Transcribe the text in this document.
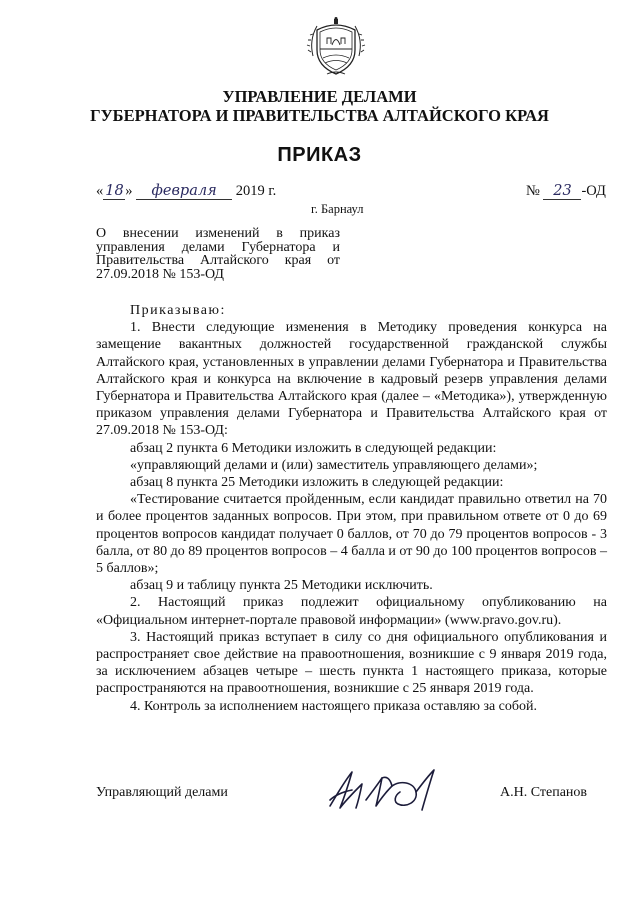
УПРАВЛЕНИЕ ДЕЛАМИ
ГУБЕРНАТОРА И ПРАВИТЕЛЬСТВА АЛТАЙСКОГО КРАЯ
ПРИКАЗ
« 18 » февраля 2019 г.	№ 23 -ОД
г. Барнаул
О внесении изменений в приказ управления делами Губернатора и Правительства Алтайского края от 27.09.2018 № 153-ОД

Приказываю:

1. Внести следующие изменения в Методику проведения конкурса на замещение вакантных должностей государственной гражданской службы Алтайского края, установленных в управлении делами Губернатора и Правительства Алтайского края и конкурса на включение в кадровый резерв управления делами Губернатора и Правительства Алтайского края (далее – «Методика»), утвержденную приказом управления делами Губернатора и Правительства Алтайского края от 27.09.2018 № 153-ОД:

абзац 2 пункта 6 Методики изложить в следующей редакции:

«управляющий делами и (или) заместитель управляющего делами»;

абзац 8 пункта 25 Методики изложить в следующей редакции:

«Тестирование считается пройденным, если кандидат правильно ответил на 70 и более процентов заданных вопросов. При этом, при правильном ответе от 0 до 69 процентов вопросов кандидат получает 0 баллов, от 70 до 79 процентов вопросов - 3 балла, от 80 до 89 процентов вопросов – 4 балла и от 90 до 100 процентов вопросов – 5 баллов»;

абзац 9 и таблицу пункта 25 Методики исключить.

2. Настоящий приказ подлежит официальному опубликованию на «Официальном интернет-портале правовой информации» (www.pravo.gov.ru).

3. Настоящий приказ вступает в силу со дня официального опубликования и распространяет свое действие на правоотношения, возникшие с 9 января 2019 года, за исключением абзацев четыре – шесть пункта 1 настоящего приказа, которые распространяются на правоотношения, возникшие с 25 января 2019 года.

4. Контроль за исполнением настоящего приказа оставляю за собой.

Управляющий делами	А.Н. Степанов
